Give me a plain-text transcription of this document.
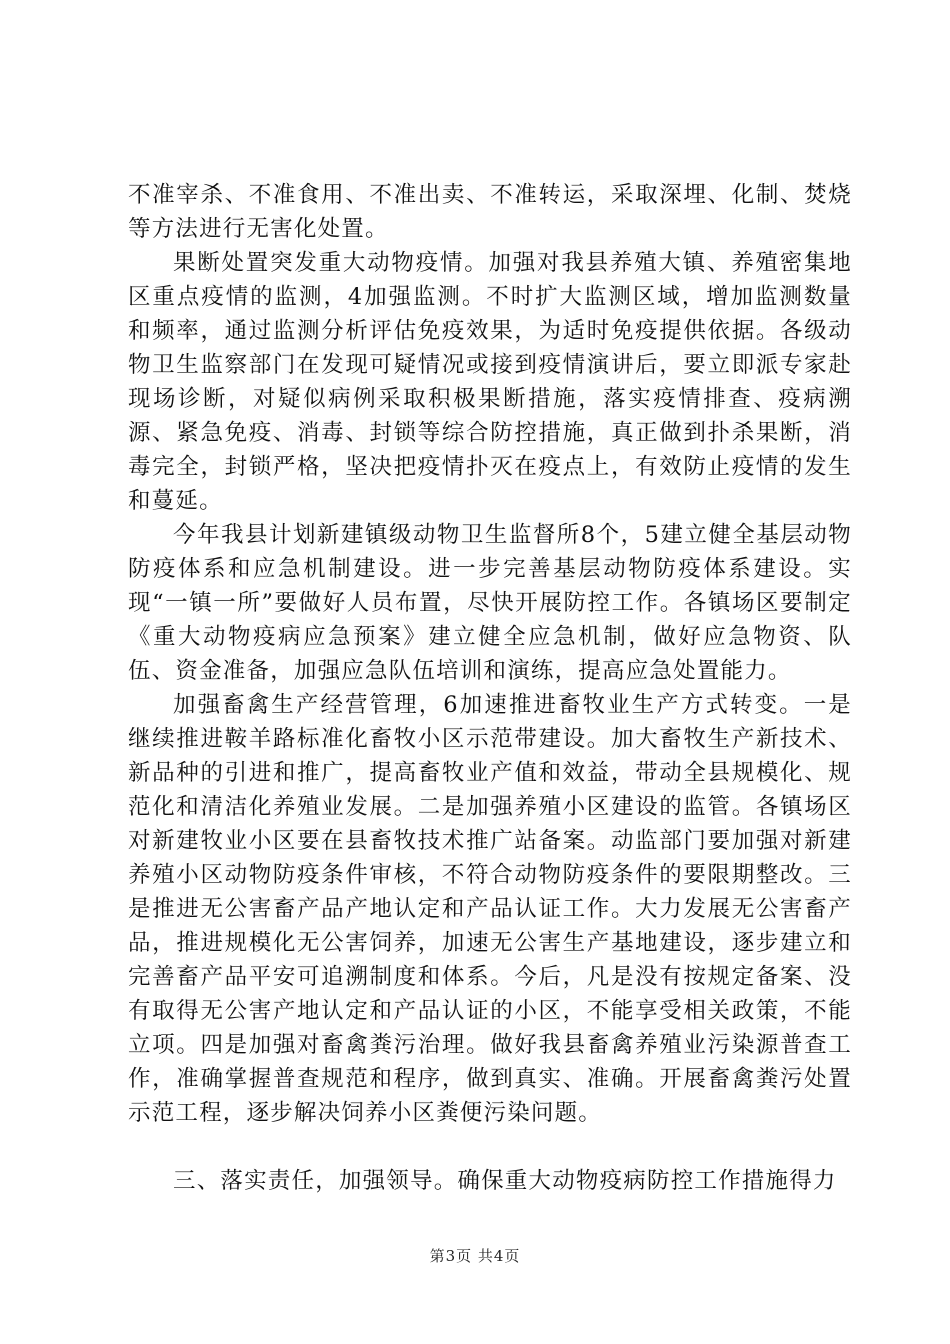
不准宰杀、不准食用、不准出卖、不准转运，采取深埋、化制、焚烧等方法进行无害化处置。

果断处置突发重大动物疫情。加强对我县养殖大镇、养殖密集地区重点疫情的监测，4加强监测。不时扩大监测区域，增加监测数量和频率，通过监测分析评估免疫效果，为适时免疫提供依据。各级动物卫生监察部门在发现可疑情况或接到疫情演讲后，要立即派专家赴现场诊断，对疑似病例采取积极果断措施，落实疫情排查、疫病溯源、紧急免疫、消毒、封锁等综合防控措施，真正做到扑杀果断，消毒完全，封锁严格，坚决把疫情扑灭在疫点上，有效防止疫情的发生和蔓延。

今年我县计划新建镇级动物卫生监督所8个，5建立健全基层动物防疫体系和应急机制建设。进一步完善基层动物防疫体系建设。实现“一镇一所”要做好人员布置，尽快开展防控工作。各镇场区要制定《重大动物疫病应急预案》建立健全应急机制，做好应急物资、队伍、资金准备，加强应急队伍培训和演练，提高应急处置能力。

加强畜禽生产经营管理，6加速推进畜牧业生产方式转变。一是继续推进鞍羊路标准化畜牧小区示范带建设。加大畜牧生产新技术、新品种的引进和推广，提高畜牧业产值和效益，带动全县规模化、规范化和清洁化养殖业发展。二是加强养殖小区建设的监管。各镇场区对新建牧业小区要在县畜牧技术推广站备案。动监部门要加强对新建养殖小区动物防疫条件审核，不符合动物防疫条件的要限期整改。三是推进无公害畜产品产地认定和产品认证工作。大力发展无公害畜产品，推进规模化无公害饲养，加速无公害生产基地建设，逐步建立和完善畜产品平安可追溯制度和体系。今后，凡是没有按规定备案、没有取得无公害产地认定和产品认证的小区，不能享受相关政策，不能立项。四是加强对畜禽粪污治理。做好我县畜禽养殖业污染源普查工作，准确掌握普查规范和程序，做到真实、准确。开展畜禽粪污处置示范工程，逐步解决饲养小区粪便污染问题。

三、落实责任，加强领导。确保重大动物疫病防控工作措施得力

第3页 共4页
